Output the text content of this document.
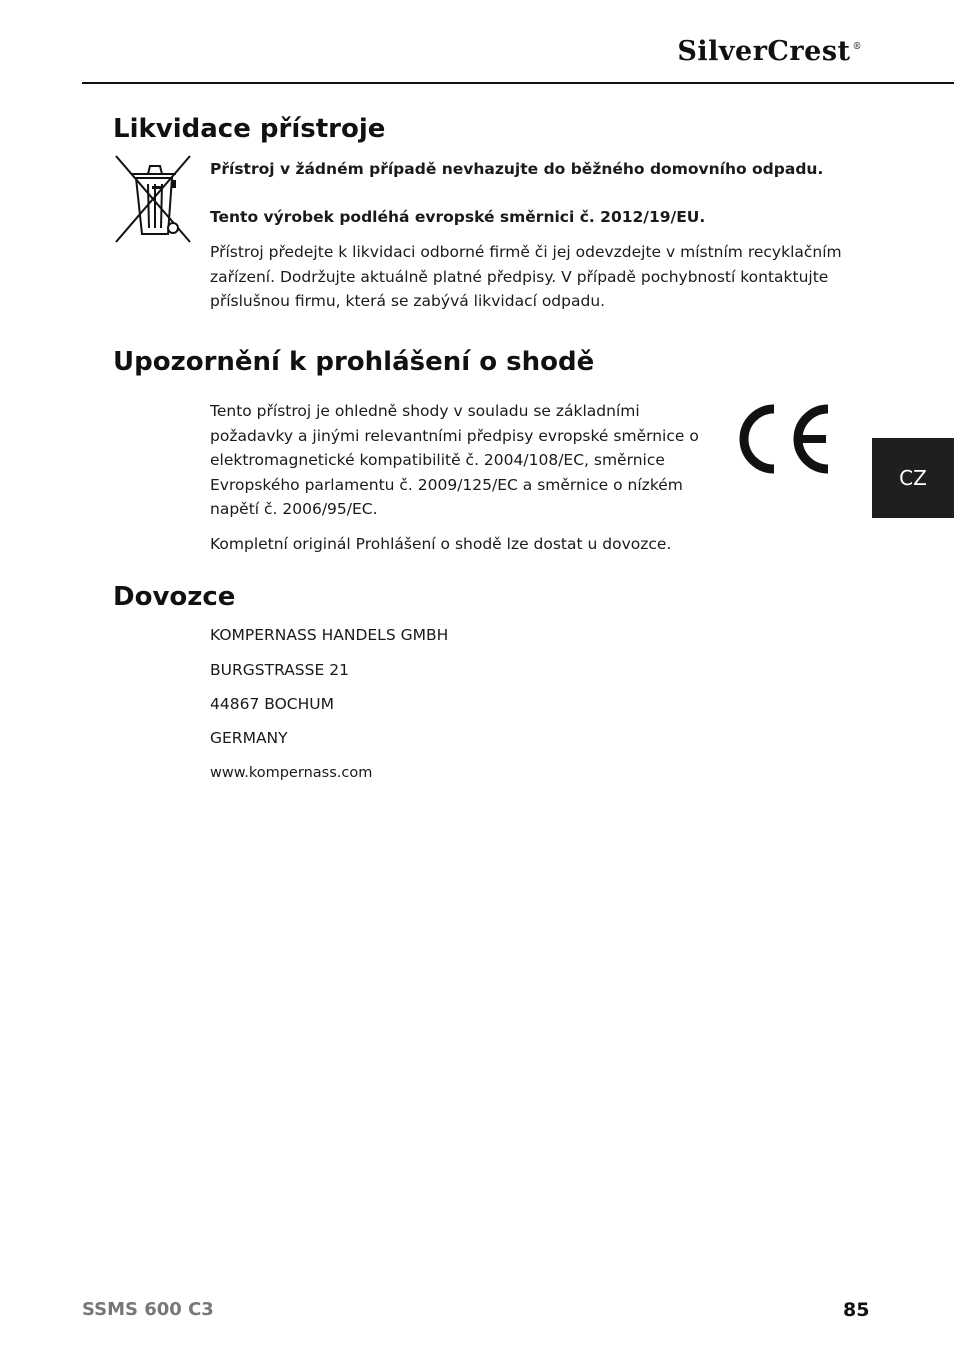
SilverCrest ®
Likvidace přístroje
Přístroj v žádném případě nevhazujte do běžného domovního odpadu.
Tento výrobek podléhá evropské směrnici č. 2012/19/EU.
Přístroj předejte k likvidaci odborné firmě či jej odevzdejte v místním recyklačním zařízení. Dodržujte aktuálně platné předpisy. V případě pochybností kontaktujte příslušnou firmu, která se zabývá likvidací odpadu.
Upozornění k prohlášení o shodě
Tento přístroj je ohledně shody v souladu se základními požadavky a jinými relevantními předpisy evropské směrnice o elektromagnetické kompatibilitě č. 2004/108/EC, směrnice Evropského parlamentu č. 2009/125/EC a směrnice o nízkém napětí č. 2006/95/EC.
Kompletní originál Prohlášení o shodě lze dostat u dovozce.
CZ
Dovozce
KOMPERNASS HANDELS GMBH
BURGSTRASSE 21
44867 BOCHUM
GERMANY
www.kompernass.com
SSMS 600 C3	85
